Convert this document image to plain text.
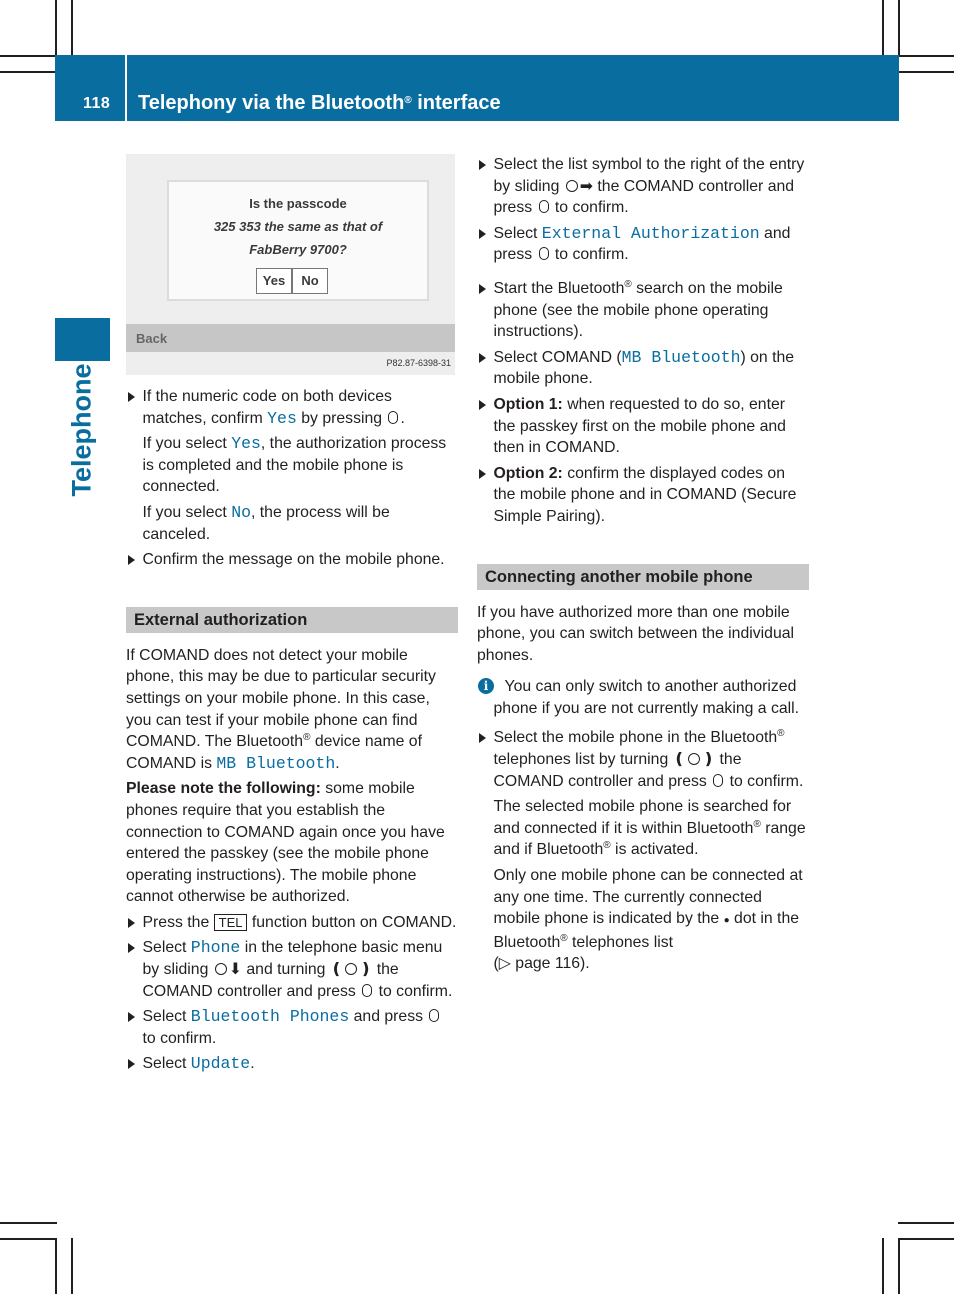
118 Telephony via the Bluetooth® interface
Telephone
Is the passcode
325 353 the same as that of
FabBerry 9700?
Yes	No
Back
P82.87-6398-31
If the numeric code on both devices matches, confirm Yes by pressing .
If you select Yes, the authorization process is completed and the mobile phone is connected.
If you select No, the process will be canceled.
Confirm the message on the mobile phone.
External authorization
If COMAND does not detect your mobile phone, this may be due to particular security settings on your mobile phone. In this case, you can test if your mobile phone can find COMAND. The Bluetooth® device name of COMAND is MB Bluetooth.
Please note the following: some mobile phones require that you establish the connection to COMAND again once you have entered the passkey (see the mobile phone operating instructions). The mobile phone cannot otherwise be authorized.
Press the TEL function button on COMAND.
Select Phone in the telephone basic menu by sliding ⬇ and turning ❪ ❫ the COMAND controller and press  to confirm.
Select Bluetooth Phones and press  to confirm.
Select Update.
Select the list symbol to the right of the entry by sliding ➡ the COMAND controller and press  to confirm.
Select External Authorization and press  to confirm.
Start the Bluetooth® search on the mobile phone (see the mobile phone operating instructions).
Select COMAND (MB Bluetooth) on the mobile phone.
Option 1: when requested to do so, enter the passkey first on the mobile phone and then in COMAND.
Option 2: confirm the displayed codes on the mobile phone and in COMAND (Secure Simple Pairing).
Connecting another mobile phone
If you have authorized more than one mobile phone, you can switch between the individual phones.
i	You can only switch to another authorized phone if you are not currently making a call.
Select the mobile phone in the Bluetooth® telephones list by turning ❪ ❫ the COMAND controller and press  to confirm.
The selected mobile phone is searched for and connected if it is within Bluetooth® range and if Bluetooth® is activated.
Only one mobile phone can be connected at any one time. The currently connected mobile phone is indicated by the ● dot in the Bluetooth® telephones list
(▷ page 116).
